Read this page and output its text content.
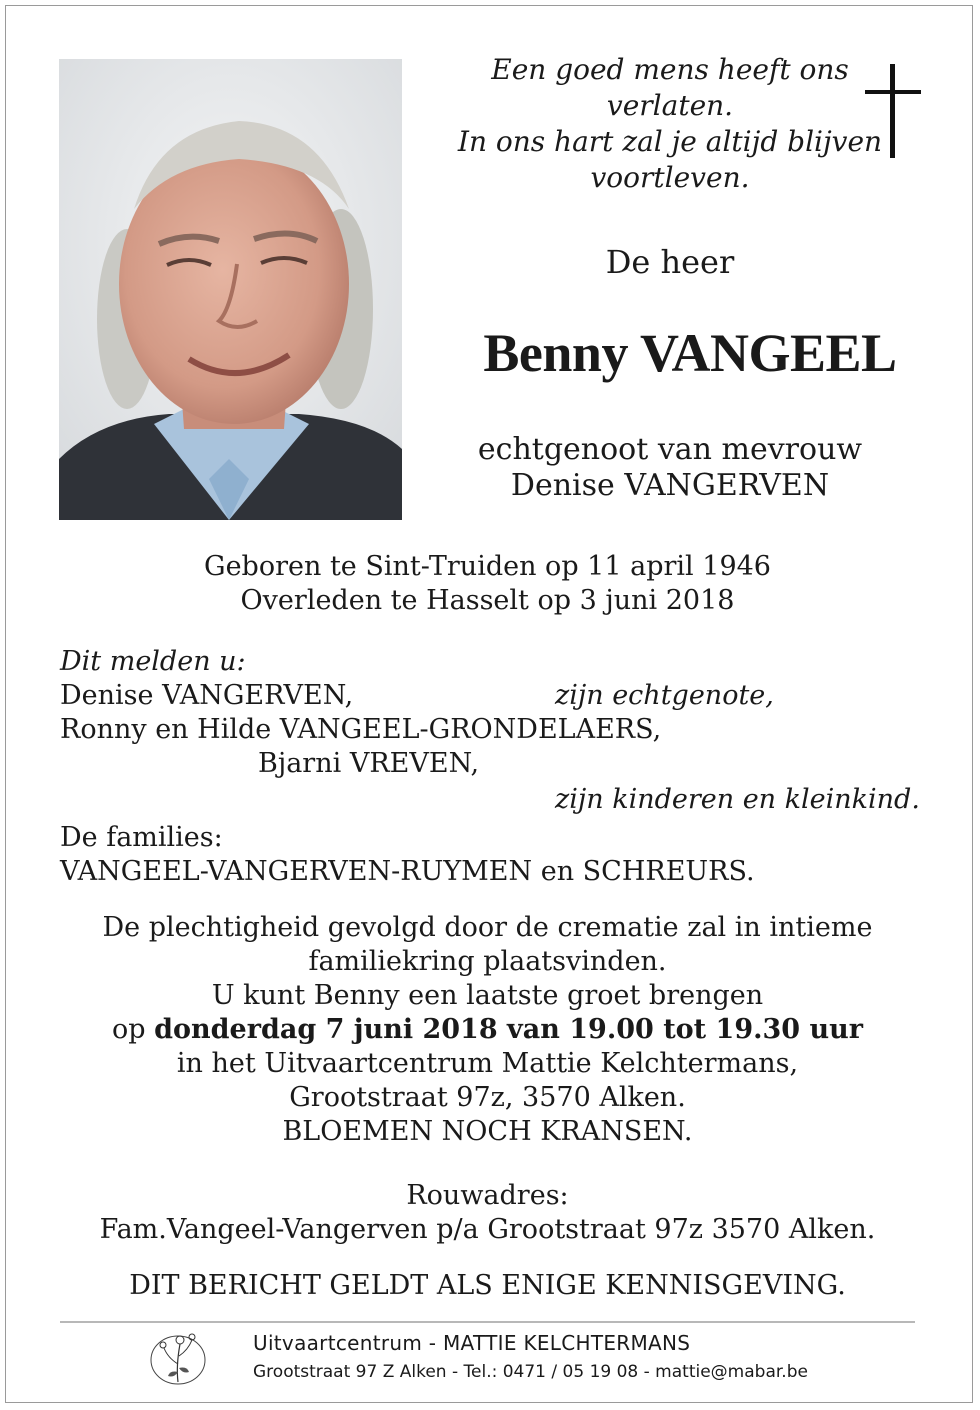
Een goed mens heeft ons
verlaten.
In ons hart zal je altijd blijven
voortleven.
De heer
Benny VANGEEL
echtgenoot van mevrouw
Denise VANGERVEN
Geboren te Sint-Truiden op 11 april 1946
Overleden te Hasselt op 3 juni 2018
Dit melden u:
Denise VANGERVEN,	zijn echtgenote,
Ronny en Hilde VANGEEL-GRONDELAERS,
Bjarni VREVEN,
zijn kinderen en kleinkind.
De families:
VANGEEL-VANGERVEN-RUYMEN en SCHREURS.
De plechtigheid gevolgd door de crematie zal in intieme
familiekring plaatsvinden.
U kunt Benny een laatste groet brengen
op donderdag 7 juni 2018 van 19.00 tot 19.30 uur
in het Uitvaartcentrum Mattie Kelchtermans,
Grootstraat 97z, 3570 Alken.
BLOEMEN NOCH KRANSEN.
Rouwadres:
Fam.Vangeel-Vangerven p/a Grootstraat 97z 3570 Alken.
DIT BERICHT GELDT ALS ENIGE KENNISGEVING.
Uitvaartcentrum - MATTIE KELCHTERMANS
Grootstraat 97 Z Alken - Tel.: 0471 / 05 19 08 - mattie@mabar.be
